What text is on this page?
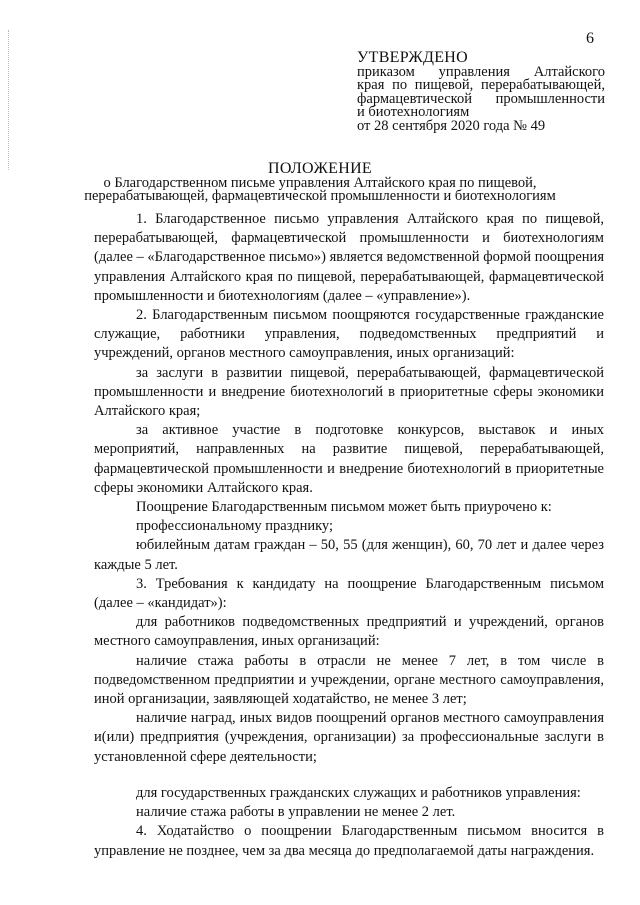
6
УТВЕРЖДЕНО
приказом управления Алтайского
края по пищевой, перерабатывающей,
фармацевтической промышленности
и биотехнологиям
от 28 сентября 2020 года № 49
ПОЛОЖЕНИЕ
о Благодарственном письме управления Алтайского края по пищевой,
перерабатывающей, фармацевтической промышленности и биотехнологиям

1. Благодарственное письмо управления Алтайского края по пищевой, перерабатывающей, фармацевтической промышленности и биотехнологиям (далее – «Благодарственное письмо») является ведомственной формой поощрения управления Алтайского края по пищевой, перерабатывающей, фармацевтической промышленности и биотехнологиям (далее – «управление»).

2. Благодарственным письмом поощряются государственные гражданские служащие, работники управления, подведомственных предприятий и учреждений, органов местного самоуправления, иных организаций:

за заслуги в развитии пищевой, перерабатывающей, фармацевтической промышленности и внедрение биотехнологий в приоритетные сферы экономики Алтайского края;

за активное участие в подготовке конкурсов, выставок и иных мероприятий, направленных на развитие пищевой, перерабатывающей, фармацевтической промышленности и внедрение биотехнологий в приоритетные сферы экономики Алтайского края.

Поощрение Благодарственным письмом может быть приурочено к:

профессиональному празднику;

юбилейным датам граждан – 50, 55 (для женщин), 60, 70 лет и далее через каждые 5 лет.

3. Требования к кандидату на поощрение Благодарственным письмом (далее – «кандидат»):

для работников подведомственных предприятий и учреждений, органов местного самоуправления, иных организаций:

наличие стажа работы в отрасли не менее 7 лет, в том числе в подведомственном предприятии и учреждении, органе местного самоуправления, иной организации, заявляющей ходатайство, не менее 3 лет;

наличие наград, иных видов поощрений органов местного самоуправления и(или) предприятия (учреждения, организации) за профессиональные заслуги в установленной сфере деятельности;

для государственных гражданских служащих и работников управления:

наличие стажа работы в управлении не менее 2 лет.

4. Ходатайство о поощрении Благодарственным письмом вносится в управление не позднее, чем за два месяца до предполагаемой даты награждения.
